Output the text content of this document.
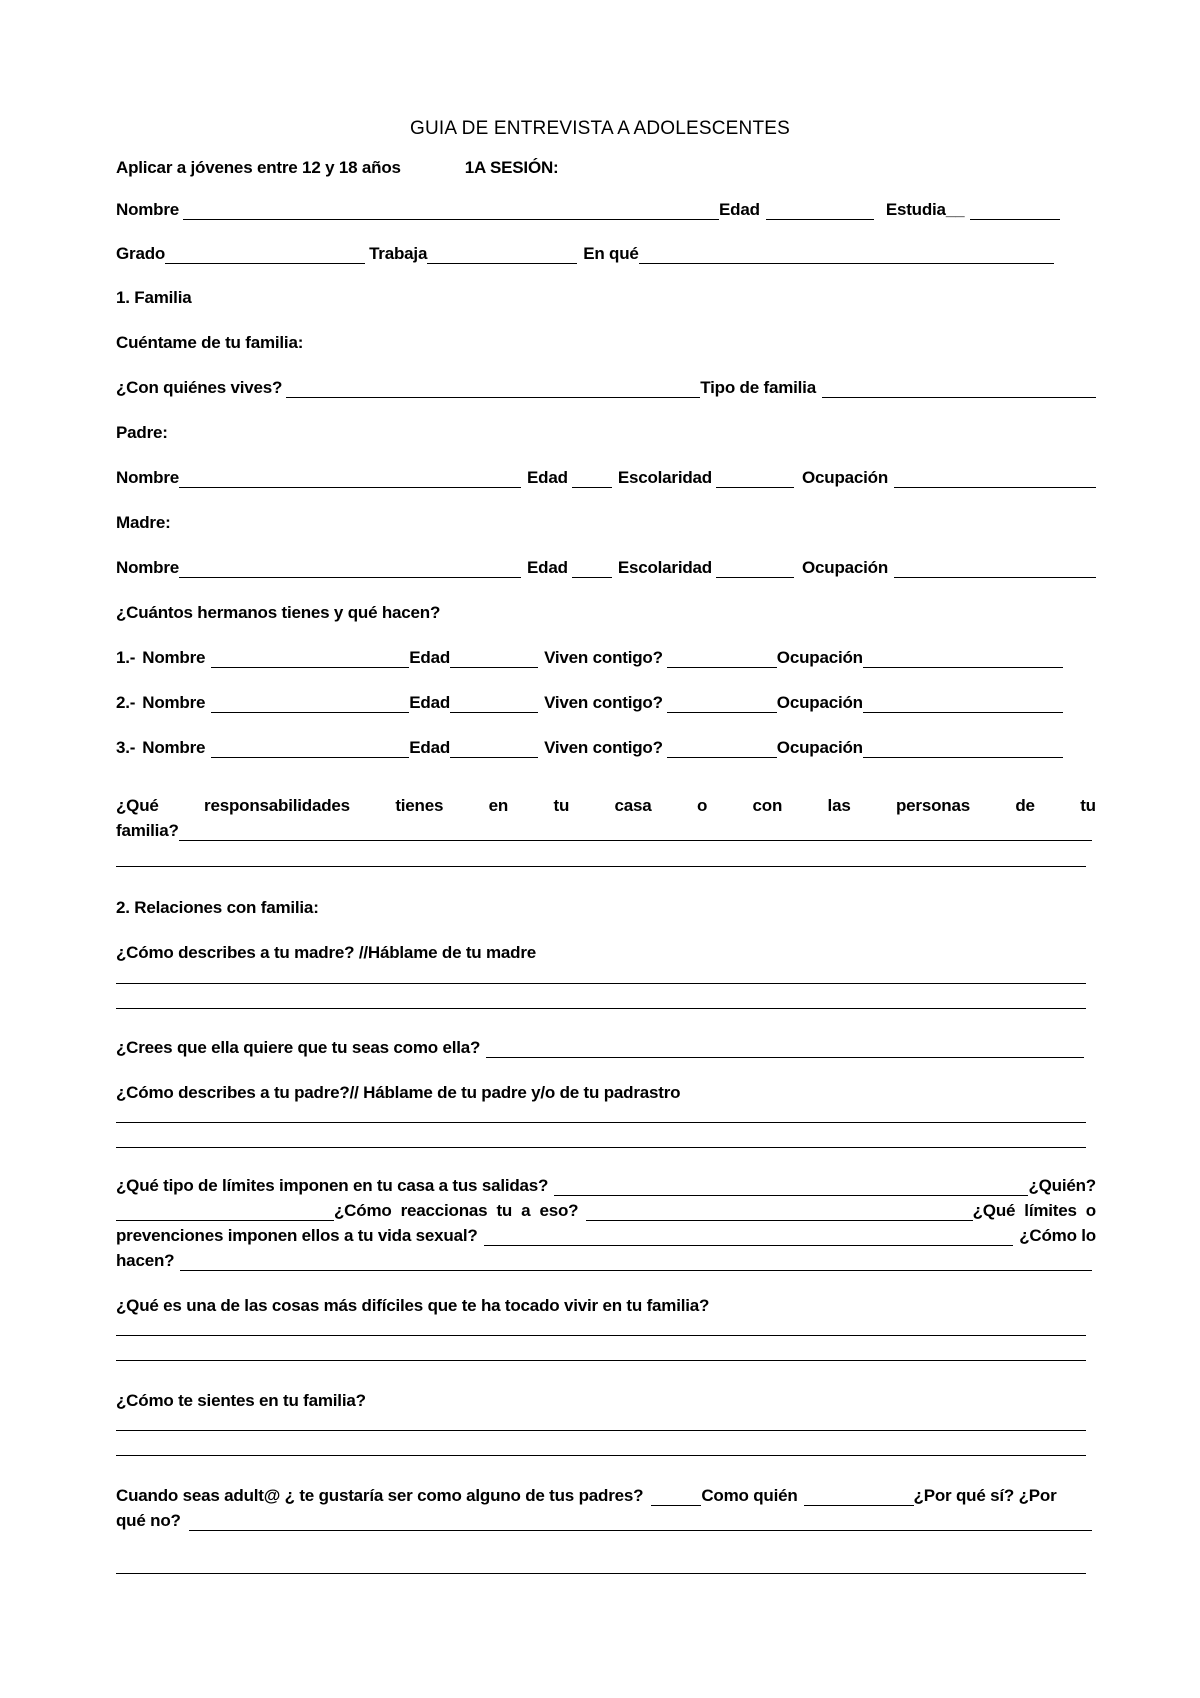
GUIA DE ENTREVISTA A ADOLESCENTES
Aplicar a jóvenes entre 12 y 18 años	1A SESIÓN:
Nombre	Edad	Estudia__
Grado	Trabaja	En qué
1. Familia
Cuéntame de tu familia:
¿Con quiénes vives?	Tipo de familia
Padre:
Nombre	Edad	Escolaridad	Ocupación
Madre:
Nombre	Edad	Escolaridad	Ocupación
¿Cuántos hermanos tienes y qué hacen?
1.- Nombre	Edad	Viven contigo?	Ocupación
2.- Nombre	Edad	Viven contigo?	Ocupación
3.- Nombre	Edad	Viven contigo?	Ocupación
¿Qué	responsabilidades	tienes	en	tu	casa	o	con	las	personas	de	tu
familia?
2. Relaciones con familia:
¿Cómo describes a tu madre? //Háblame de tu madre
¿Crees que ella quiere que tu seas como ella?
¿Cómo describes a tu padre?// Háblame de tu padre y/o de tu padrastro
¿Qué tipo de límites imponen en tu casa a tus salidas?	¿Quién?
¿Cómo  reaccionas  tu  a  eso?	¿Qué  límites  o
prevenciones imponen ellos a tu vida sexual?	¿Cómo lo
hacen?
¿Qué es una de las cosas más difíciles que te ha tocado vivir en tu familia?
¿Cómo te sientes en tu familia?
Cuando seas adult@ ¿ te gustaría ser como alguno de tus padres?	Como quién	¿Por qué sí? ¿Por
qué no?
